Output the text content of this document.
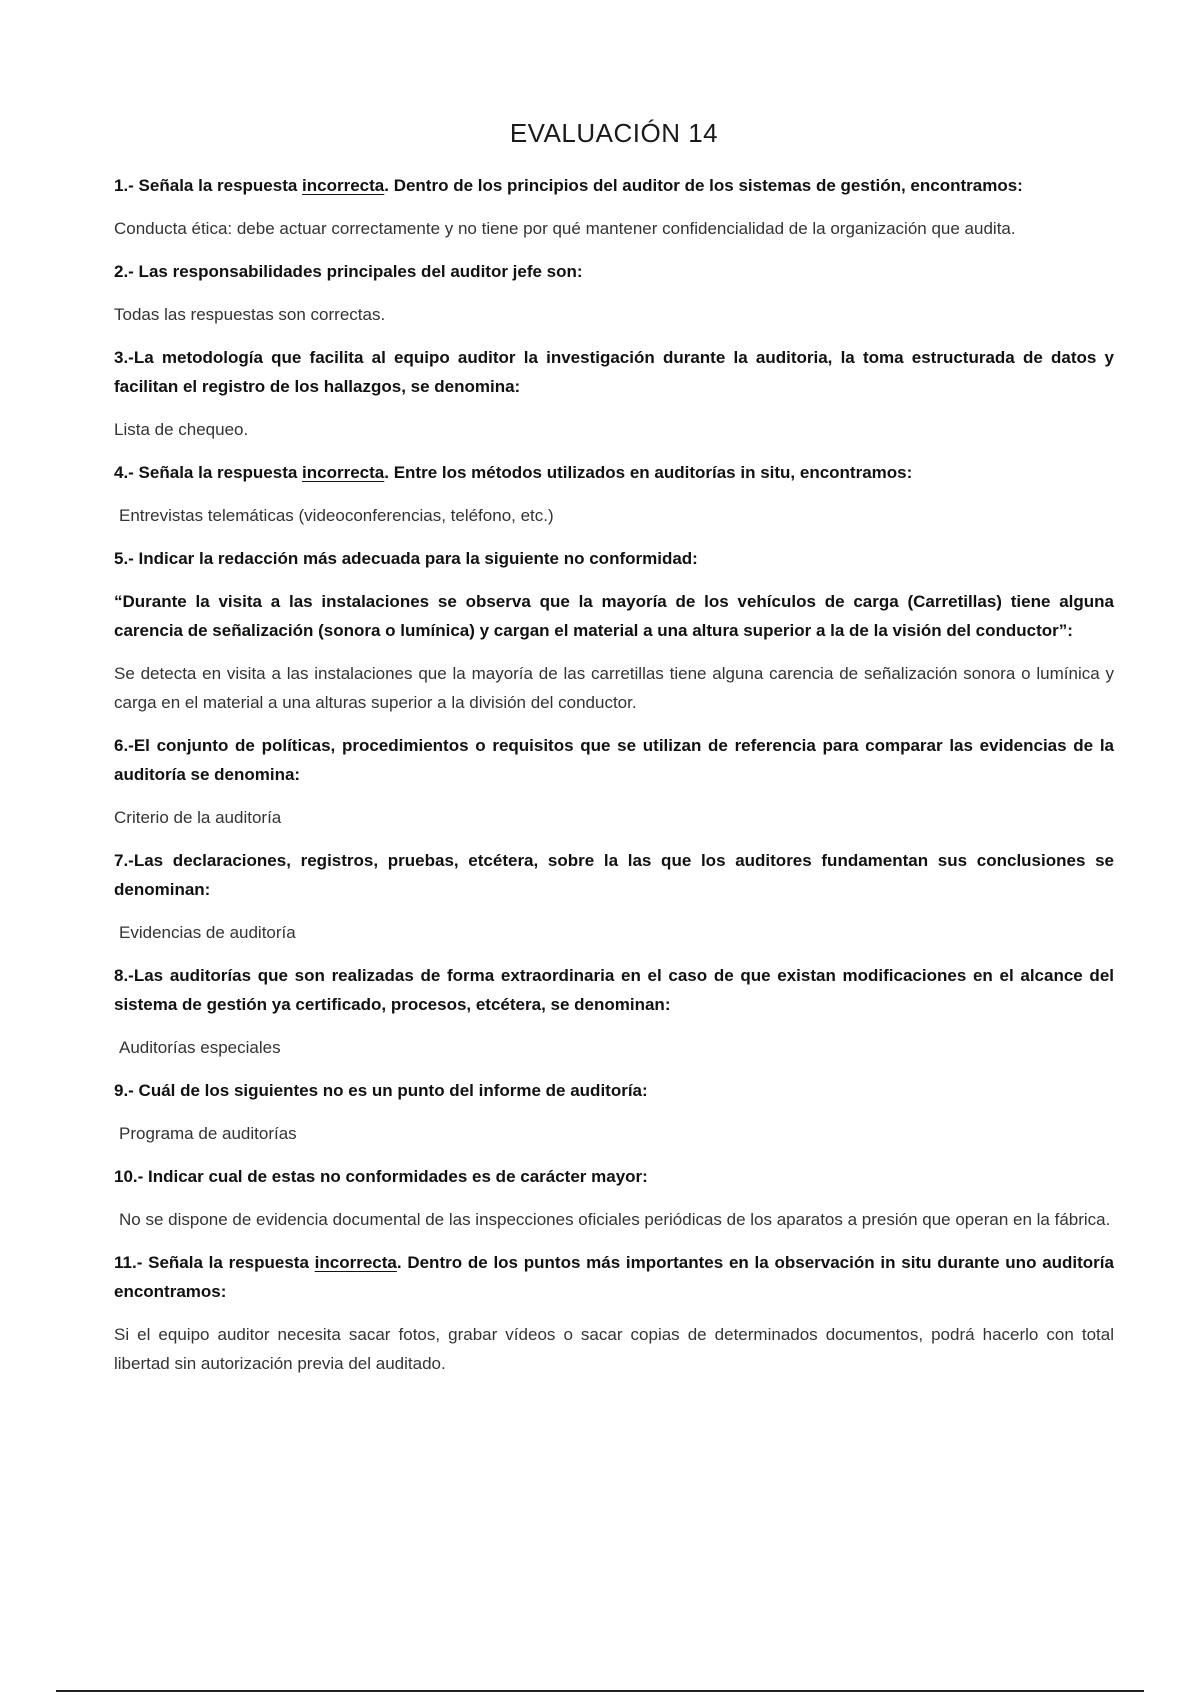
EVALUACIÓN 14

1.- Señala la respuesta incorrecta. Dentro de los principios del auditor de los sistemas de gestión, encontramos:

Conducta ética: debe actuar correctamente y no tiene por qué mantener confidencialidad de la organización que audita.

2.- Las responsabilidades principales del auditor jefe son:

Todas las respuestas son correctas.

3.-La metodología que facilita al equipo auditor la investigación durante la auditoria, la toma estructurada de datos y facilitan el registro de los hallazgos, se denomina:

Lista de chequeo.

4.- Señala la respuesta incorrecta. Entre los métodos utilizados en auditorías in situ, encontramos:

Entrevistas telemáticas (videoconferencias, teléfono, etc.)

5.- Indicar la redacción más adecuada para la siguiente no conformidad:

“Durante la visita a las instalaciones se observa que la mayoría de los vehículos de carga (Carretillas) tiene alguna carencia de señalización (sonora o lumínica) y cargan el material a una altura superior a la de la visión del conductor”:

Se detecta en visita a las instalaciones que la mayoría de las carretillas tiene alguna carencia de señalización sonora o lumínica y carga en el material a una alturas superior a la división del conductor.

6.-El conjunto de políticas, procedimientos o requisitos que se utilizan de referencia para comparar las evidencias de la auditoría se denomina:

Criterio de la auditoría

7.-Las declaraciones, registros, pruebas, etcétera, sobre la las que los auditores fundamentan sus conclusiones se denominan:

Evidencias de auditoría

8.-Las auditorías que son realizadas de forma extraordinaria en el caso de que existan modificaciones en el alcance del sistema de gestión ya certificado, procesos, etcétera, se denominan:

Auditorías especiales

9.- Cuál de los siguientes no es un punto del informe de auditoría:

Programa de auditorías

10.- Indicar cual de estas no conformidades es de carácter mayor:

No se dispone de evidencia documental de las inspecciones oficiales periódicas de los aparatos a presión que operan en la fábrica.

11.- Señala la respuesta incorrecta. Dentro de los puntos más importantes en la observación in situ durante uno auditoría encontramos:

Si el equipo auditor necesita sacar fotos, grabar vídeos o sacar copias de determinados documentos, podrá hacerlo con total libertad sin autorización previa del auditado.
